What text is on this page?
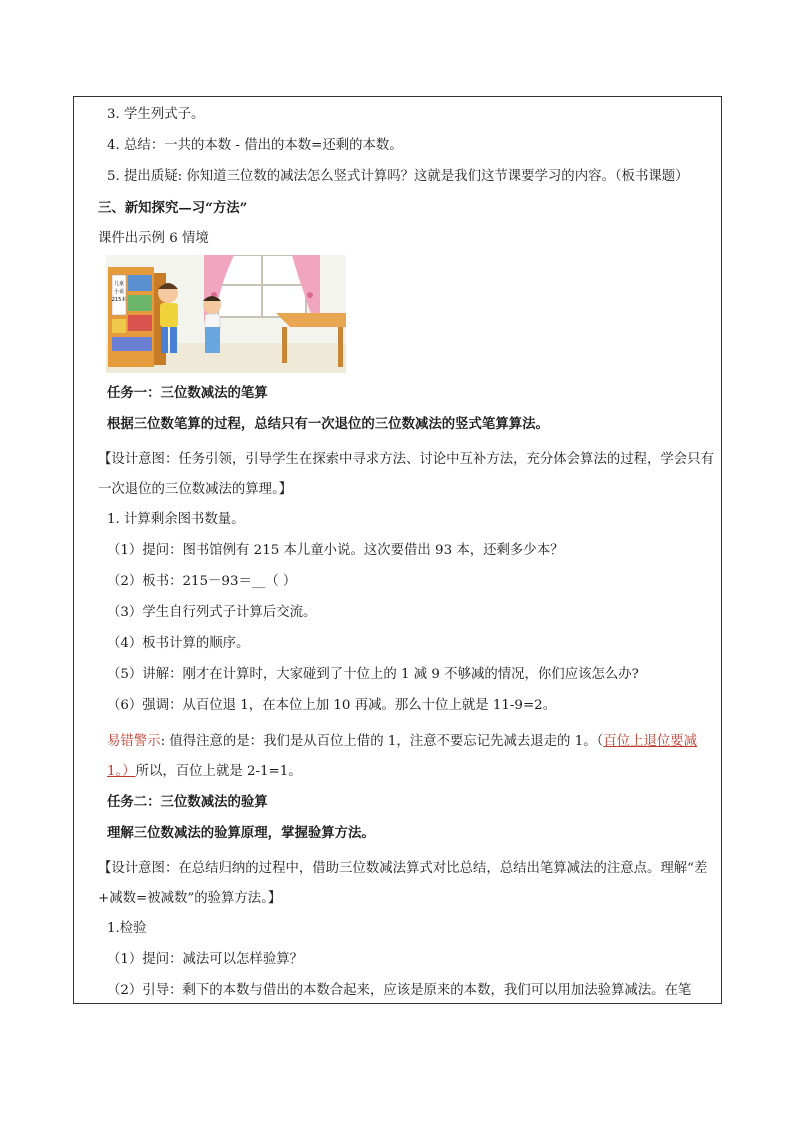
3. 学生列式子。
4. 总结：一共的本数 - 借出的本数=还剩的本数。
5. 提出质疑: 你知道三位数的减法怎么竖式计算吗？这就是我们这节课要学习的内容。（板书课题）
三、新知探究—习“方法”
课件出示例 6 情境
儿童
小说
215本
任务一：三位数减法的笔算
根据三位数笔算的过程，总结只有一次退位的三位数减法的竖式笔算算法。
【设计意图：任务引领，引导学生在探索中寻求方法、讨论中互补方法，充分体会算法的过程，学会只有一次退位的三位数减法的算理。】
1. 计算剩余图书数量。
（1）提问：图书馆例有 215 本儿童小说。这次要借出 93 本，还剩多少本？
（2）板书：215－93＝__（ ）
（3）学生自行列式子计算后交流。
（4）板书计算的顺序。
（5）讲解：刚才在计算时，大家碰到了十位上的 1 减 9 不够减的情况，你们应该怎么办?
（6）强调：从百位退 1，在本位上加 10 再减。那么十位上就是 11-9=2。
易错警示: 值得注意的是：我们是从百位上借的 1，注意不要忘记先减去退走的 1。（百位上退位要减 1。）所以，百位上就是 2-1=1。
任务二：三位数减法的验算
理解三位数减法的验算原理，掌握验算方法。
【设计意图：在总结归纳的过程中，借助三位数减法算式对比总结，总结出笔算减法的注意点。理解“差+减数=被减数”的验算方法。】
1.检验
（1）提问：减法可以怎样验算？
（2）引导：剩下的本数与借出的本数合起来，应该是原来的本数，我们可以用加法验算减法。在笔
